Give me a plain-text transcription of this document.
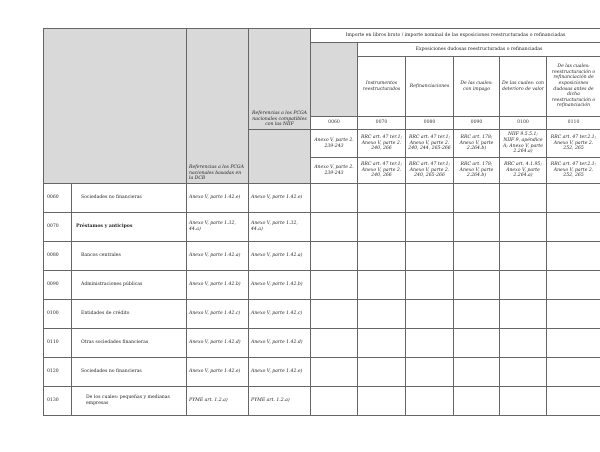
		Referencias a los PCGA nacionales basadas en la DCB	Referencias a los PCGA nacionales compatibles con las NIIF	Importe en libros bruto / importe nominal de las exposiciones reestructuradas o refinanciadas					
					Exposiciones dudosas reestructuradas o refinanciadas				
					Instrumentos reestructurados	Refinanciaciones	De las cuales: con impago	De las cuales: con deterioro de valor	De las cuales: reestructuración o refinanciación de exposiciones dudosas antes de dicha reestructuración o refinanciación
				0060	0070	0080	0090	0100	0110
				Anexo V, parte 2. 239-243	RRC art. 47 ter.1; Anexo V, parte 2. 240, 266	RRC art. 47 ter.1; Anexo V, parte 2. 240, 244, 265-266	RRC art. 178; Anexo V, parte 2.264.b)	NIIF 9.5.5.1; NIIF 9, apéndice A; Anexo V, parte 2.264.a)	RRC art. 47 ter.2.1; Anexo V, parte 2. 252, 265
				Anexo V, parte 2. 239-243	RRC art. 47 ter.1; Anexo V, parte 2. 240, 266	RRC art. 47 ter.1; Anexo V, parte 2. 240, 265-266	RRC art. 178; Anexo V, parte 2.264.b)	RRC art. 4.1.95; Anexo V, parte 2.264.a)	RRC art. 47 ter.2.1; Anexo V, parte 2. 252, 265
0060	Sociedades no financieras	Anexo V, parte 1.42.e)	Anexo V, parte 1.42.e)						
0070	Préstamos y anticipos	Anexo V, parte 1.32, 44.a)	Anexo V, parte 1.32, 44.a)						
0080	Bancos centrales	Anexo V, parte 1.42.a)	Anexo V, parte 1.42.a)						
0090	Administraciones públicas	Anexo V, parte 1.42.b)	Anexo V, parte 1.42.b)						
0100	Entidades de crédito	Anexo V, parte 1.42.c)	Anexo V, parte 1.42.c)						
0110	Otras sociedades financieras	Anexo V, parte 1.42.d)	Anexo V, parte 1.42.d)						
0120	Sociedades no financieras	Anexo V, parte 1.42.e)	Anexo V, parte 1.42.e)						
0130	De los cuales: pequeñas y medianas empresas	PYME art. 1.2.a)	PYME art. 1.2.a)						
